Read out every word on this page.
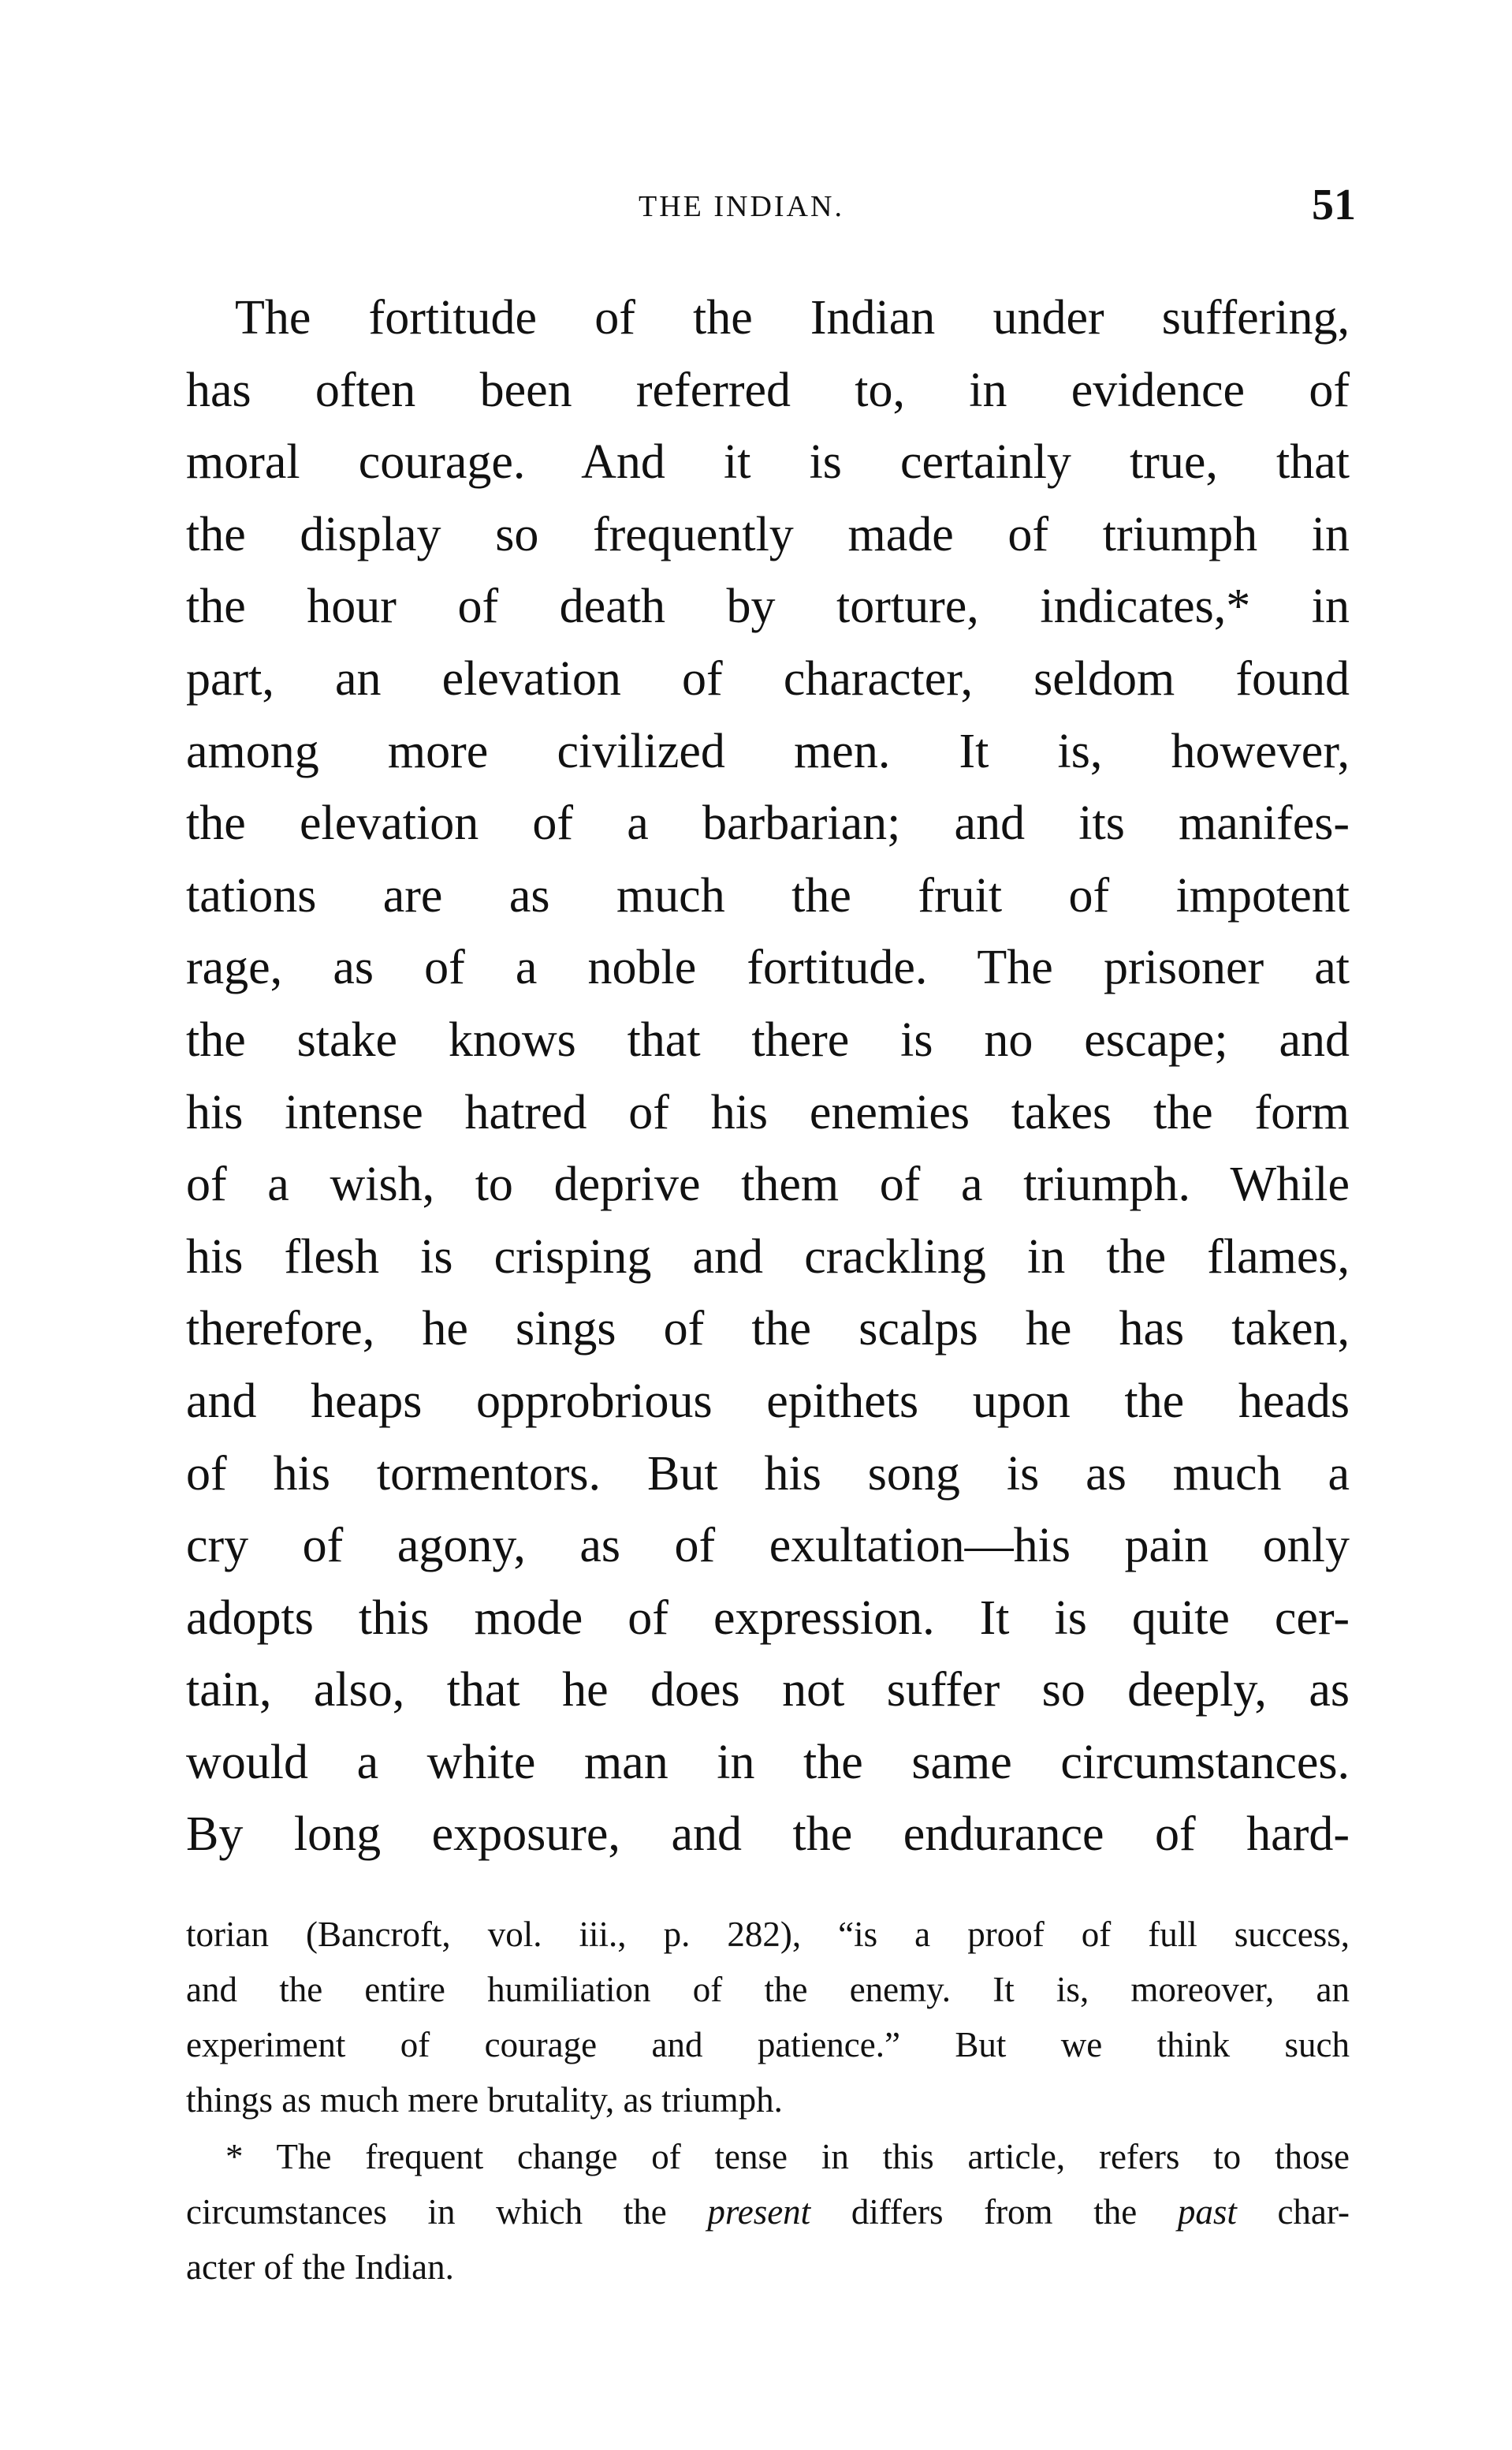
THE INDIAN.	51
The fortitude of the Indian under suffering,
has often been referred to, in evidence of
moral courage. And it is certainly true, that
the display so frequently made of triumph in
the hour of death by torture, indicates,* in
part, an elevation of character, seldom found
among more civilized men. It is, however,
the elevation of a barbarian; and its manifes-
tations are as much the fruit of impotent
rage, as of a noble fortitude. The prisoner at
the stake knows that there is no escape; and
his intense hatred of his enemies takes the form
of a wish, to deprive them of a triumph. While
his flesh is crisping and crackling in the flames,
therefore, he sings of the scalps he has taken,
and heaps opprobrious epithets upon the heads
of his tormentors. But his song is as much a
cry of agony, as of exultation—his pain only
adopts this mode of expression. It is quite cer-
tain, also, that he does not suffer so deeply, as
would a white man in the same circumstances.
By long exposure, and the endurance of hard-
torian (Bancroft, vol. iii., p. 282), “is a proof of full success,
and the entire humiliation of the enemy. It is, moreover, an
experiment of courage and patience.” But we think such
things as much mere brutality, as triumph.
* The frequent change of tense in this article, refers to those
circumstances in which the present differs from the past char-
acter of the Indian.
